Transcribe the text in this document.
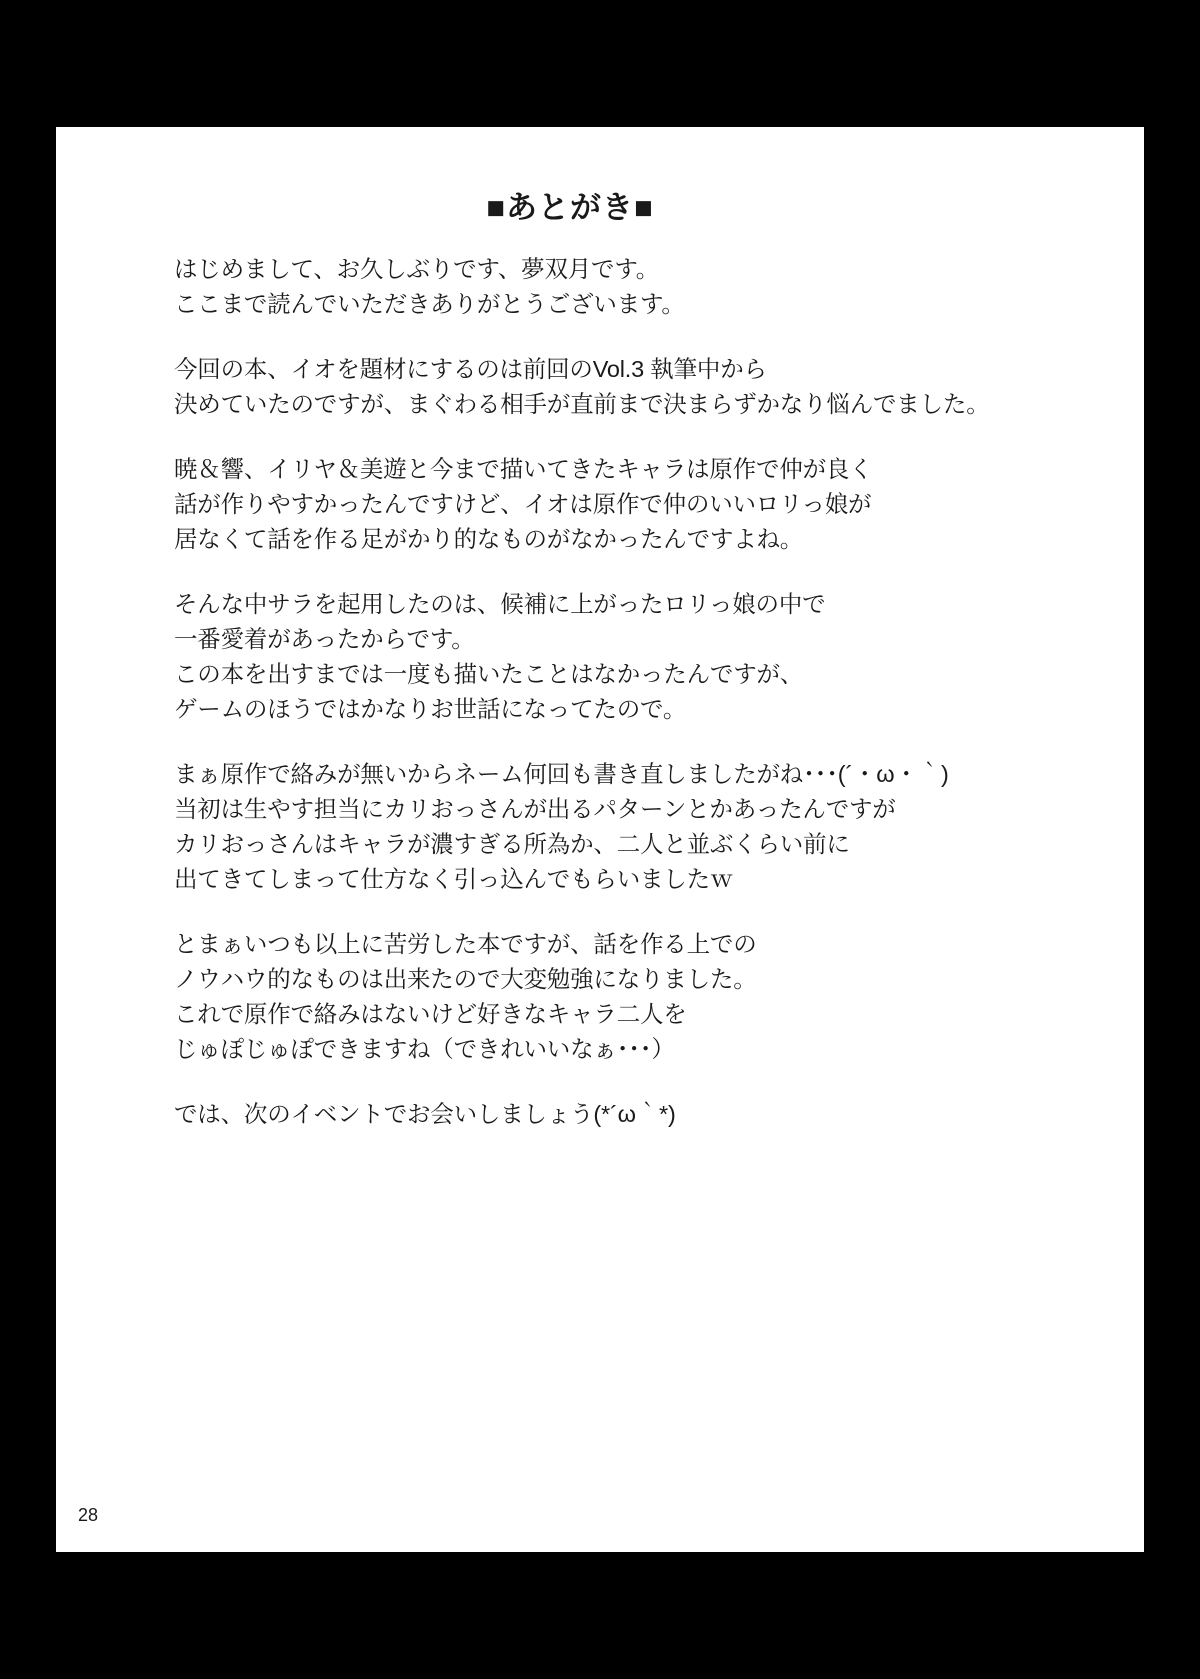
■あとがき■
はじめまして、お久しぶりです、夢双月です。
ここまで読んでいただきありがとうございます。
今回の本、イオを題材にするのは前回のVol.3 執筆中から
決めていたのですが、まぐわる相手が直前まで決まらずかなり悩んでました。
暁＆響、イリヤ＆美遊と今まで描いてきたキャラは原作で仲が良く
話が作りやすかったんですけど、イオは原作で仲のいいロリっ娘が
居なくて話を作る足がかり的なものがなかったんですよね。
そんな中サラを起用したのは、候補に上がったロリっ娘の中で
一番愛着があったからです。
この本を出すまでは一度も描いたことはなかったんですが、
ゲームのほうではかなりお世話になってたので。
まぁ原作で絡みが無いからネーム何回も書き直しましたがね･･･(´・ω・｀)
当初は生やす担当にカリおっさんが出るパターンとかあったんですが
カリおっさんはキャラが濃すぎる所為か、二人と並ぶくらい前に
出てきてしまって仕方なく引っ込んでもらいましたｗ
とまぁいつも以上に苦労した本ですが、話を作る上での
ノウハウ的なものは出来たので大変勉強になりました。
これで原作で絡みはないけど好きなキャラ二人を
じゅぽじゅぽできますね（できれいいなぁ･･･）
では、次のイベントでお会いしましょう(*´ω｀*)
28
